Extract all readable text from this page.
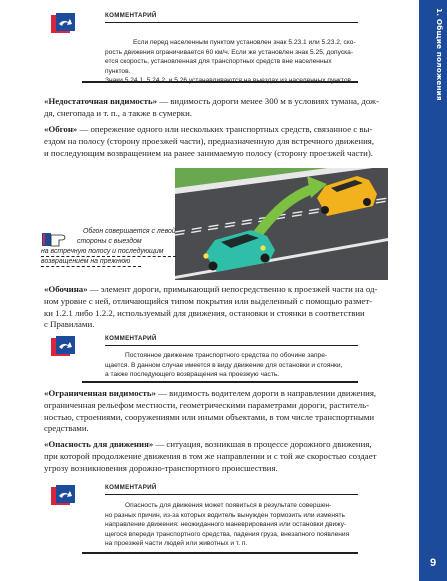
1. Общие положения
9
КОММЕНТАРИЙ
Если перед населенным пунктом установлен знак 5.23.1 или 5.23.2, ско-
рость движения ограничивается 60 км/ч. Если же установлен знак 5.25, допуска-
ется скорость, установленная для транспортных средств вне населенных пунктов.
«Недостаточная видимость» — видимость дороги менее 300 м в условиях тумана, дож-
дя, снегопада и т. п., а также в сумерки.
«Обгон» — опережение одного или нескольких транспортных средств, связанное с вы-
ездом на полосу (сторону проезжей части), предназначенную для встречного движения,
и последующим возвращением на ранее занимаемую полосу (сторону проезжей части).
Обгон совершается с левой
стороны с выездом
на встречную полосу и последующим
возвращением на прежнюю
«Обочина» — элемент дороги, примыкающий непосредственно к проезжей части на од-
ном уровне с ней, отличающийся типом покрытия или выделенный с помощью размет-
ки 1.2.1 либо 1.2.2, используемый для движения, остановки и стоянки в соответствии
с Правилами.
КОММЕНТАРИЙ
Постоянное движение транспортного средства по обочине запре-
щается. В данном случае имеется в виду движение для остановки и стоянки,
а также последующего возвращения на проезжую часть.
«Ограниченная видимость» — видимость водителем дороги в направлении движения,
ограниченная рельефом местности, геометрическими параметрами дороги, раститель-
ностью, строениями, сооружениями или иными объектами, в том числе транспортными
средствами.
«Опасность для движения» — ситуация, возникшая в процессе дорожного движения,
при которой продолжение движения в том же направлении и с той же скоростью создает
угрозу возникновения дорожно-транспортного происшествия.
КОММЕНТАРИЙ
Опасность для движения может появиться в результате совершен-
но разных причин, из-за которых водитель вынужден тормозить или изменять
направление движения: неожиданного маневрирования или остановки движу-
щегося впереди транспортного средства, падения груза, внезапного появления
на проезжей части людей или животных и т. п.
